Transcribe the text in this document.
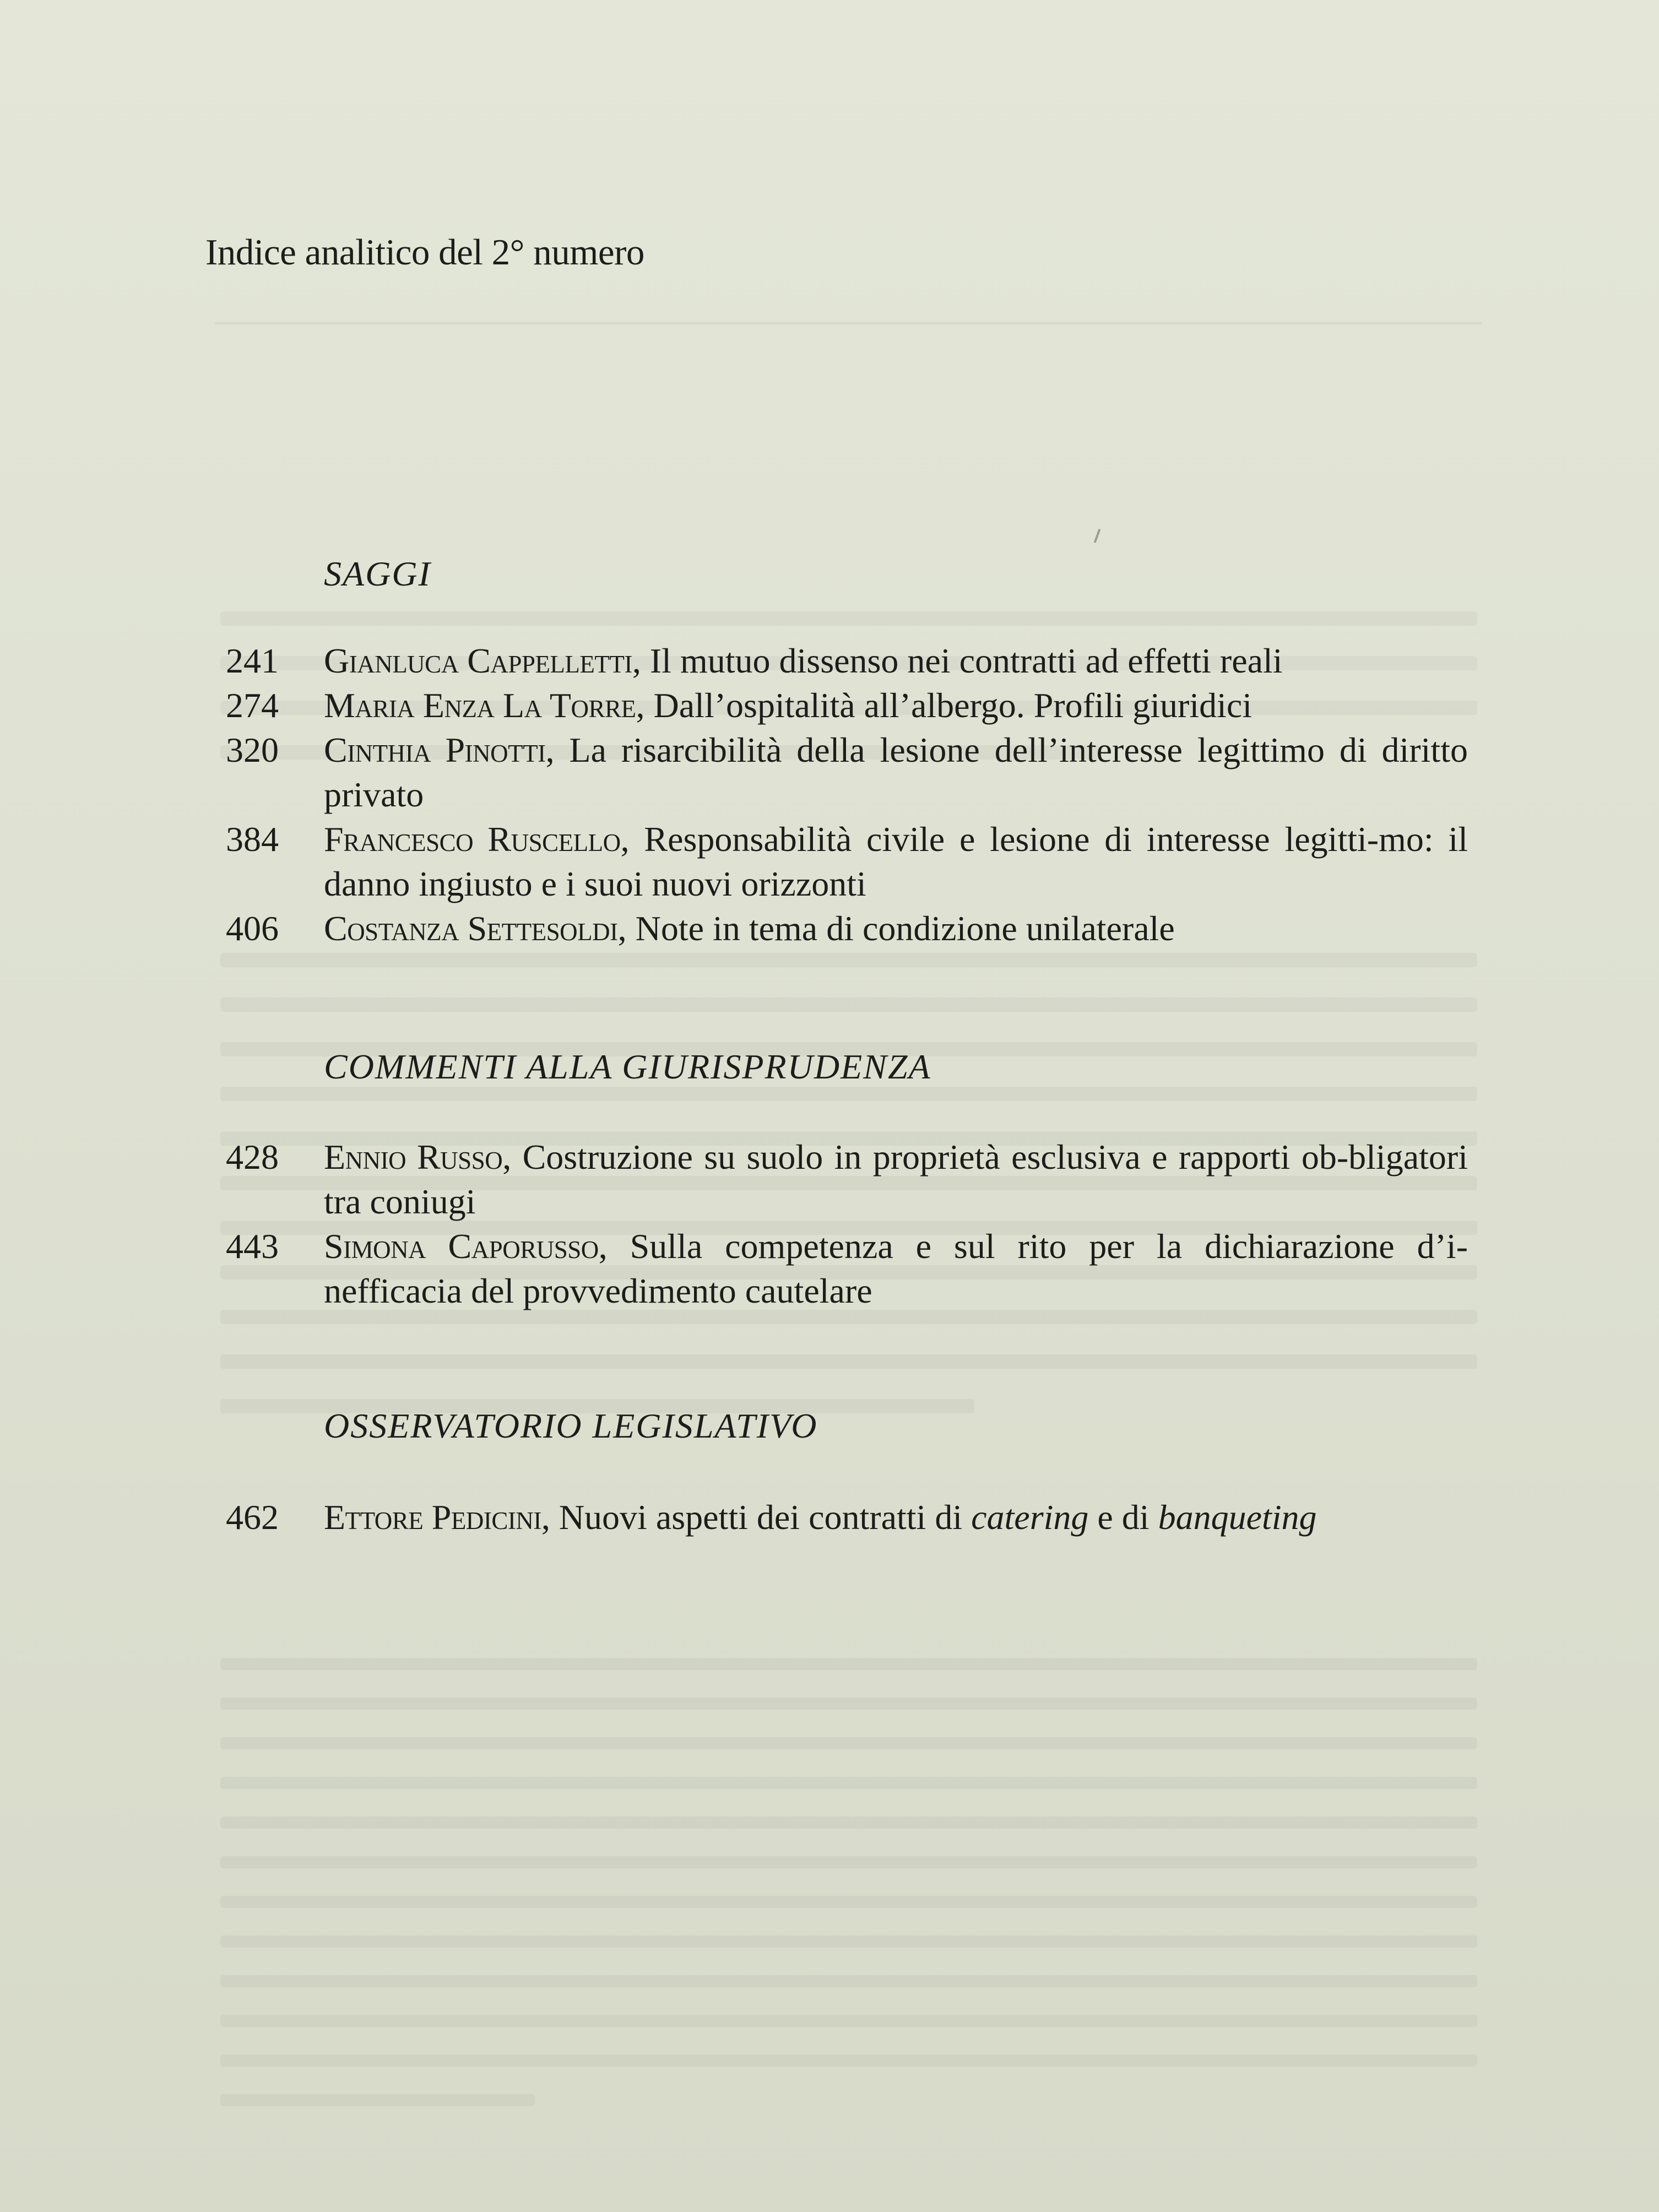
Indice analitico del 2° numero
SAGGI
241	Gianluca Cappelletti, Il mutuo dissenso nei contratti ad effetti reali
274	Maria Enza La Torre, Dall’ospitalità all’albergo. Profili giuridici
320	Cinthia Pinotti, La risarcibilità della lesione dell’interesse legittimo di diritto privato
384	Francesco Ruscello, Responsabilità civile e lesione di interesse legitti-mo: il danno ingiusto e i suoi nuovi orizzonti
406	Costanza Settesoldi, Note in tema di condizione unilaterale
COMMENTI ALLA GIURISPRUDENZA
428	Ennio Russo, Costruzione su suolo in proprietà esclusiva e rapporti ob-bligatori tra coniugi
443	Simona Caporusso, Sulla competenza e sul rito per la dichiarazione d’i-nefficacia del provvedimento cautelare
OSSERVATORIO LEGISLATIVO
462	Ettore Pedicini, Nuovi aspetti dei contratti di catering e di banqueting
